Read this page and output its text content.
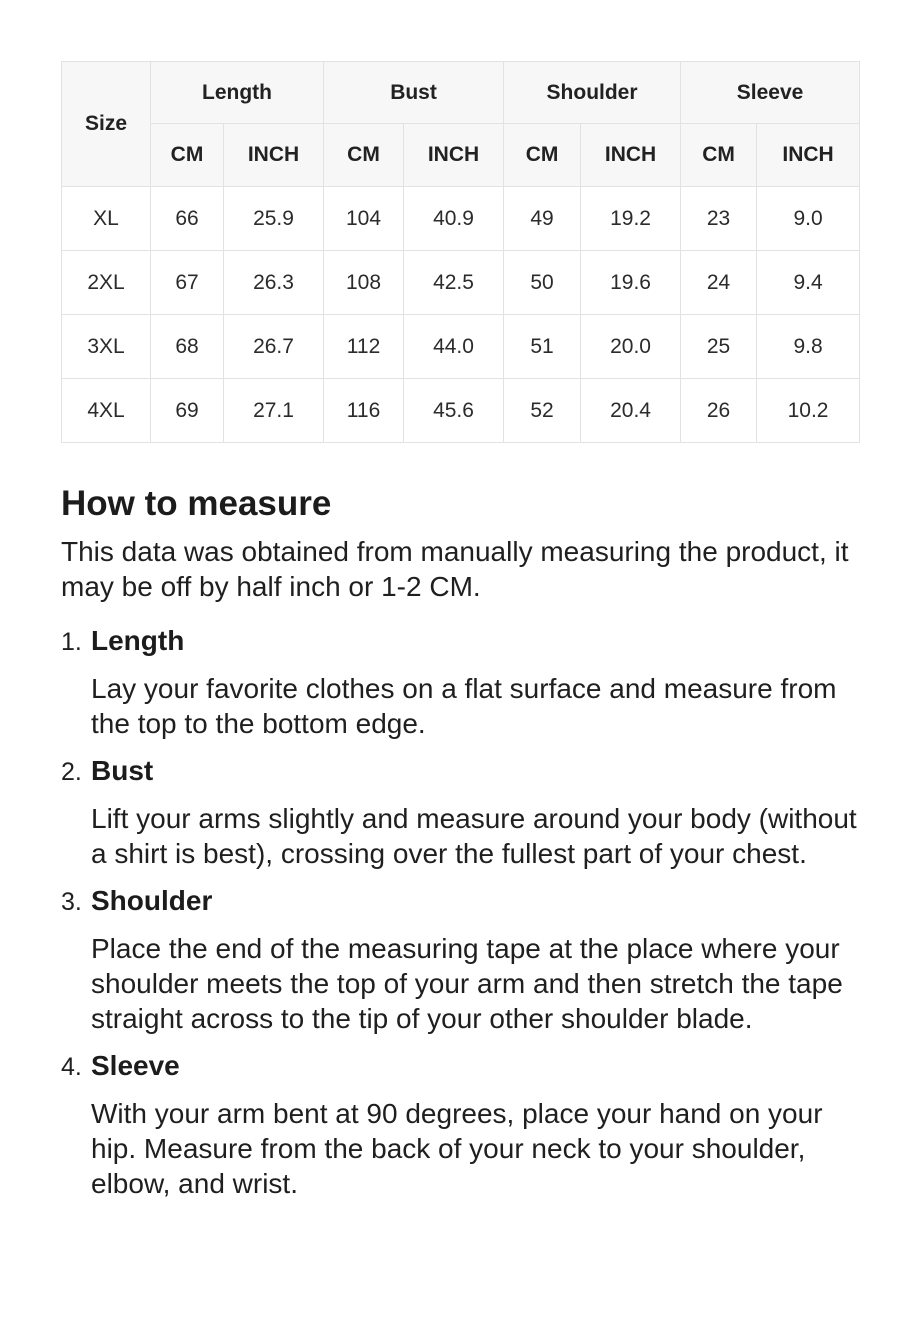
Size	Length		Bust		Shoulder		Sleeve	
	CM	INCH	CM	INCH	CM	INCH	CM	INCH
XL	66	25.9	104	40.9	49	19.2	23	9.0
2XL	67	26.3	108	42.5	50	19.6	24	9.4
3XL	68	26.7	112	44.0	51	20.0	25	9.8
4XL	69	27.1	116	45.6	52	20.4	26	10.2
How to measure

This data was obtained from manually measuring the product, it may be off by half inch or 1-2 CM.

1. Length

Lay your favorite clothes on a flat surface and measure from the top to the bottom edge.

2. Bust

Lift your arms slightly and measure around your body (without a shirt is best), crossing over the fullest part of your chest.

3. Shoulder

Place the end of the measuring tape at the place where your shoulder meets the top of your arm and then stretch the tape straight across to the tip of your other shoulder blade.

4. Sleeve

With your arm bent at 90 degrees, place your hand on your hip. Measure from the back of your neck to your shoulder, elbow, and wrist.
